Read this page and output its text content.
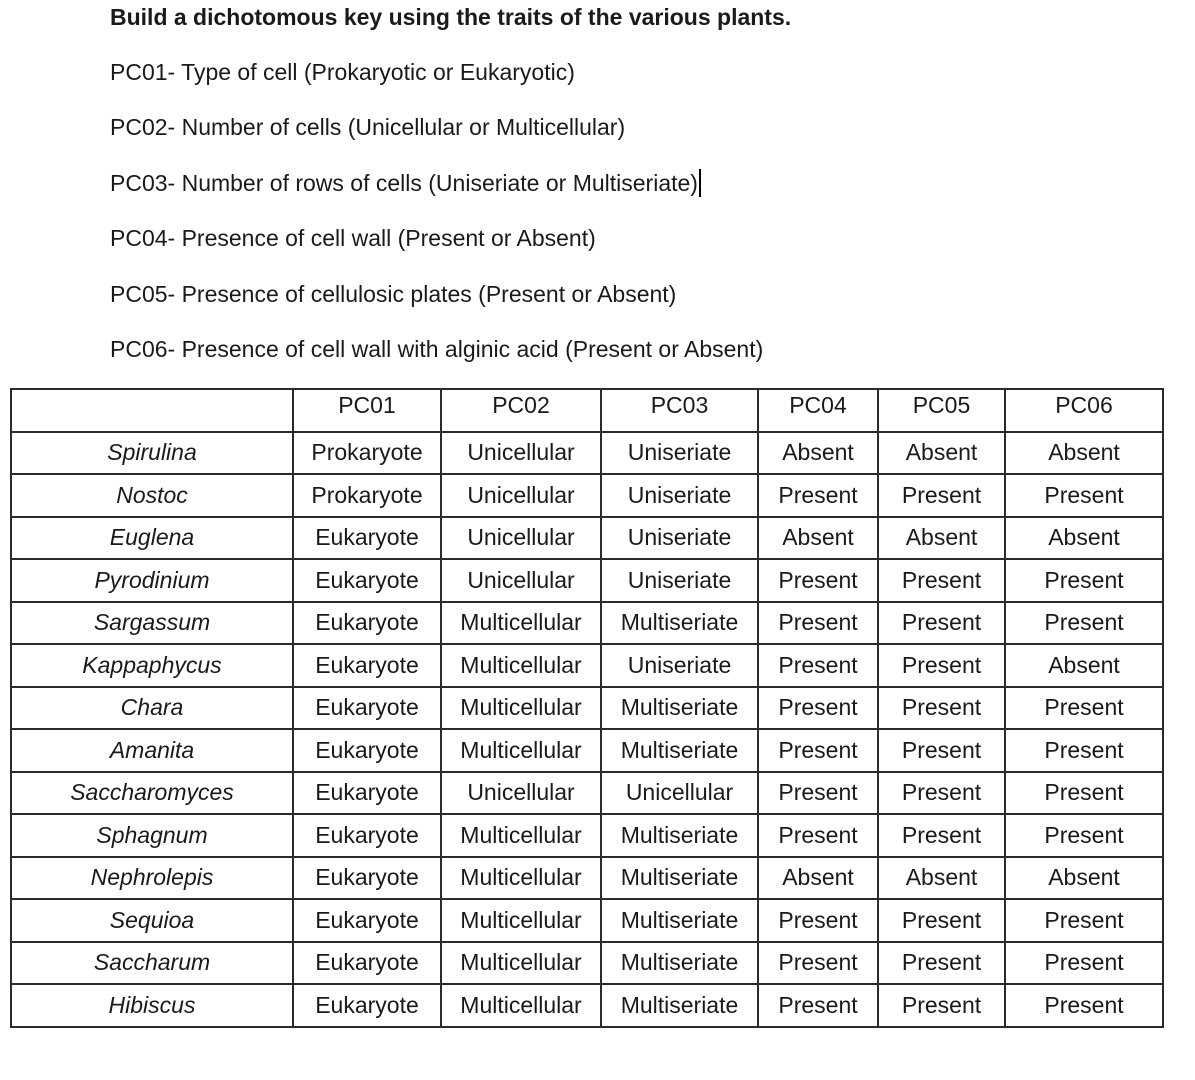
Build a dichotomous key using the traits of the various plants.
PC01- Type of cell (Prokaryotic or Eukaryotic)
PC02- Number of cells (Unicellular or Multicellular)
PC03- Number of rows of cells (Uniseriate or Multiseriate)
PC04- Presence of cell wall (Present or Absent)
PC05- Presence of cellulosic plates (Present or Absent)
PC06- Presence of cell wall with alginic acid (Present or Absent)
	PC01	PC02	PC03	PC04	PC05	PC06
Spirulina	Prokaryote	Unicellular	Uniseriate	Absent	Absent	Absent
Nostoc	Prokaryote	Unicellular	Uniseriate	Present	Present	Present
Euglena	Eukaryote	Unicellular	Uniseriate	Absent	Absent	Absent
Pyrodinium	Eukaryote	Unicellular	Uniseriate	Present	Present	Present
Sargassum	Eukaryote	Multicellular	Multiseriate	Present	Present	Present
Kappaphycus	Eukaryote	Multicellular	Uniseriate	Present	Present	Absent
Chara	Eukaryote	Multicellular	Multiseriate	Present	Present	Present
Amanita	Eukaryote	Multicellular	Multiseriate	Present	Present	Present
Saccharomyces	Eukaryote	Unicellular	Unicellular	Present	Present	Present
Sphagnum	Eukaryote	Multicellular	Multiseriate	Present	Present	Present
Nephrolepis	Eukaryote	Multicellular	Multiseriate	Absent	Absent	Absent
Sequioa	Eukaryote	Multicellular	Multiseriate	Present	Present	Present
Saccharum	Eukaryote	Multicellular	Multiseriate	Present	Present	Present
Hibiscus	Eukaryote	Multicellular	Multiseriate	Present	Present	Present
